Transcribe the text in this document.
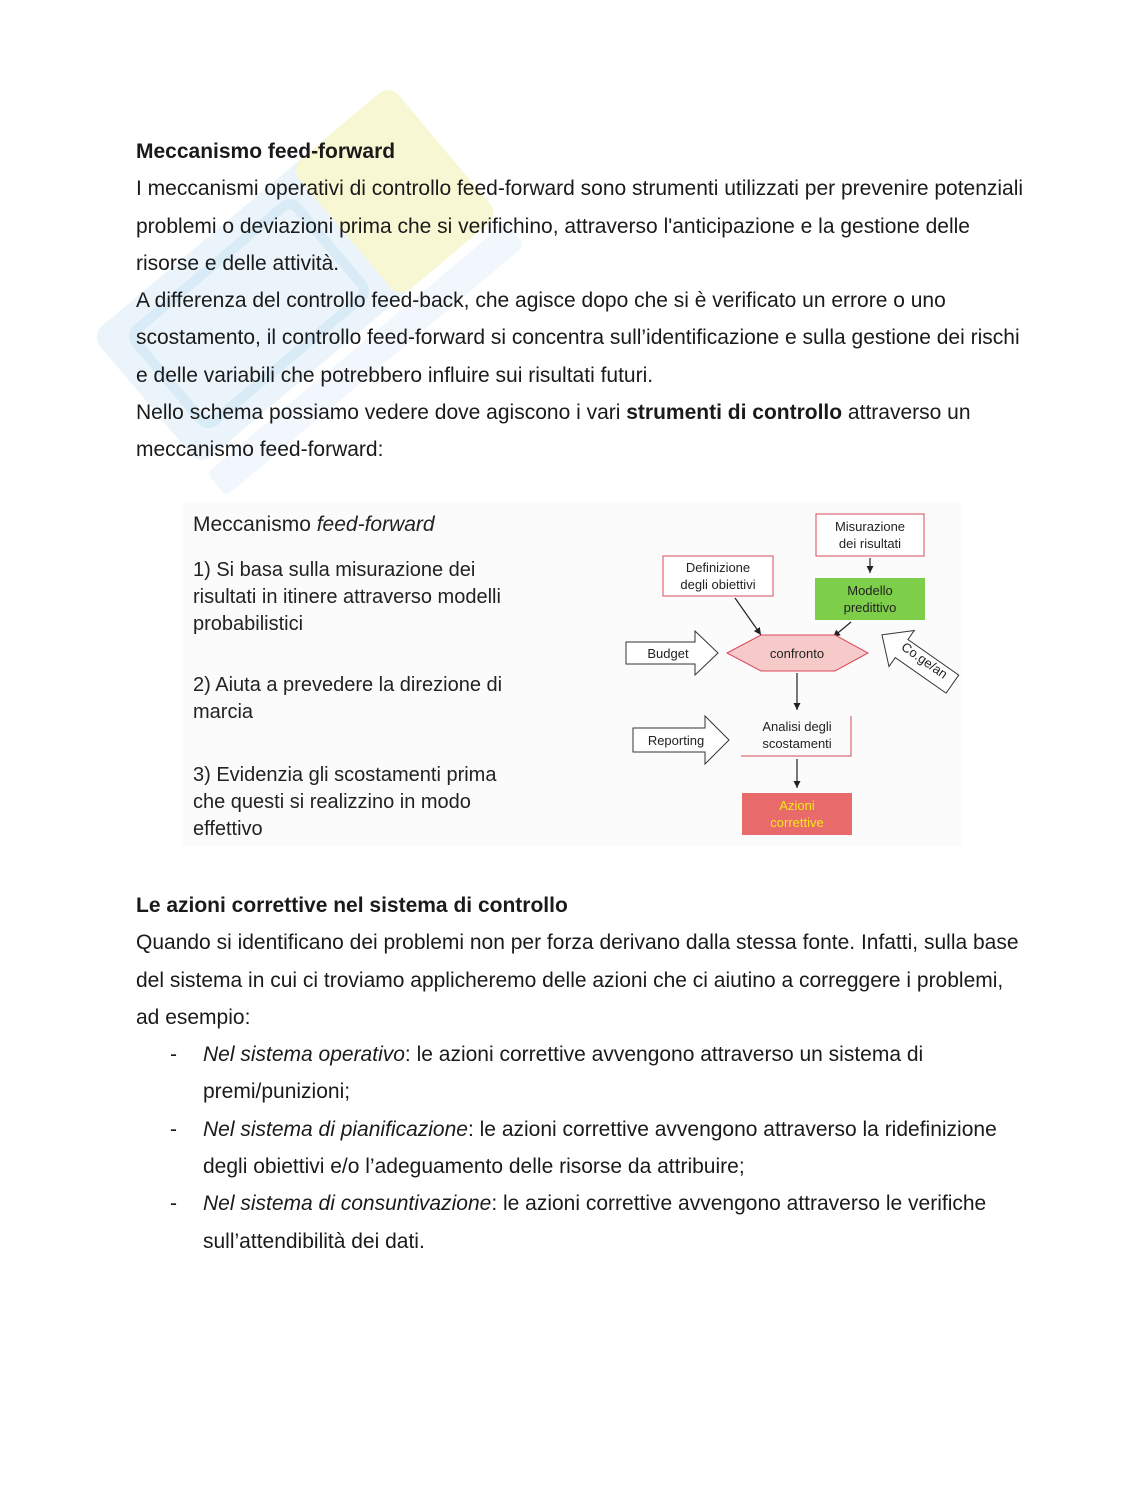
Meccanismo feed-forward

I meccanismi operativi di controllo feed-forward sono strumenti utilizzati per prevenire potenziali problemi o deviazioni prima che si verifichino, attraverso l'anticipazione e la gestione delle risorse e delle attività.

A differenza del controllo feed-back, che agisce dopo che si è verificato un errore o uno scostamento, il controllo feed-forward si concentra sull’identificazione e sulla gestione dei rischi e delle variabili che potrebbero influire sui risultati futuri.

Nello schema possiamo vedere dove agiscono i vari strumenti di controllo attraverso un meccanismo feed-forward:

Meccanismo feed-forward
1) Si basa sulla misurazione dei risultati in itinere attraverso modelli probabilistici
2) Aiuta a prevedere la direzione di marcia
3) Evidenzia gli scostamenti prima che questi si realizzino in modo effettivo
Misurazione
dei risultati
Modello
predittivo
Definizione
degli obiettivi
Budget	confronto	Co.ge/an
Reporting
Analisi degli
scostamenti
Azioni
correttive
Le azioni correttive nel sistema di controllo

Quando si identificano dei problemi non per forza derivano dalla stessa fonte. Infatti, sulla base del sistema in cui ci troviamo applicheremo delle azioni che ci aiutino a correggere i problemi, ad esempio:

- Nel sistema operativo: le azioni correttive avvengono attraverso un sistema di premi/punizioni;
- Nel sistema di pianificazione: le azioni correttive avvengono attraverso la ridefinizione degli obiettivi e/o l’adeguamento delle risorse da attribuire;
- Nel sistema di consuntivazione: le azioni correttive avvengono attraverso le verifiche sull’attendibilità dei dati.
